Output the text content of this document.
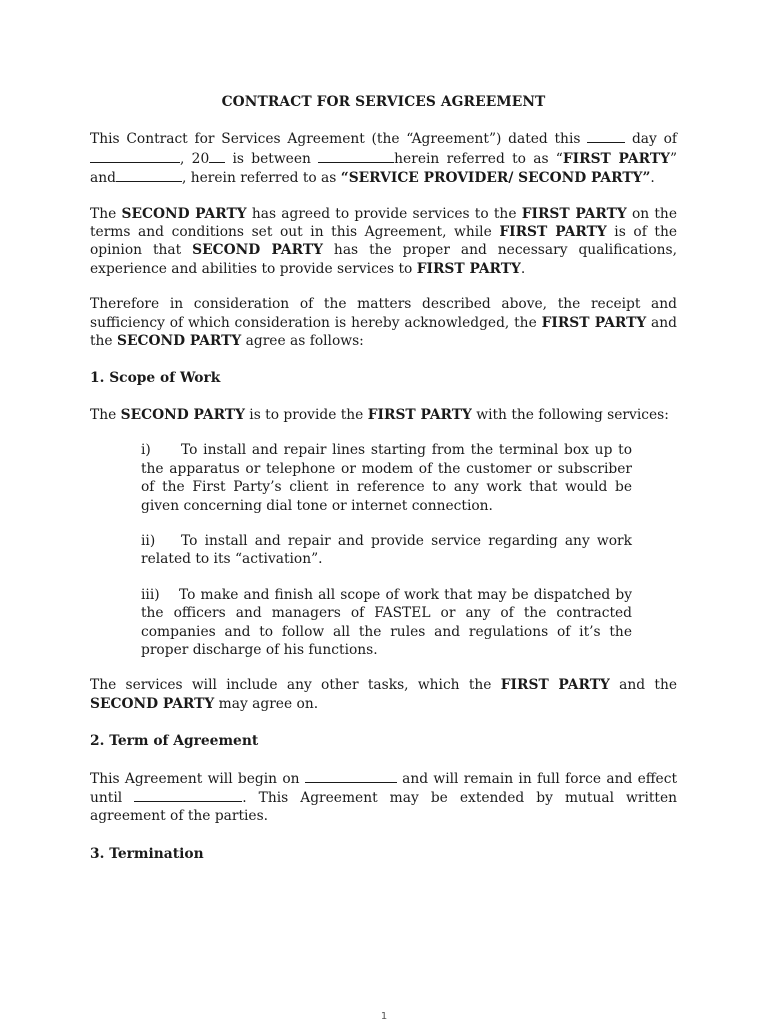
CONTRACT FOR SERVICES AGREEMENT

This Contract for Services Agreement (the “Agreement”) dated this	day of , 20 is between	herein referred to as “FIRST PARTY” and	, herein referred to as “SERVICE PROVIDER/ SECOND PARTY”.

The SECOND PARTY has agreed to provide services to the FIRST PARTY on the terms and conditions set out in this Agreement, while FIRST PARTY is of the opinion that SECOND PARTY has the proper and necessary qualifications, experience and abilities to provide services to FIRST PARTY.

Therefore in consideration of the matters described above, the receipt and sufficiency of which consideration is hereby acknowledged, the FIRST PARTY and the SECOND PARTY agree as follows:

1. Scope of Work

The SECOND PARTY is to provide the FIRST PARTY with the following services:

i) To install and repair lines starting from the terminal box up to the apparatus or telephone or modem of the customer or subscriber of the First Party’s client in reference to any work that would be given concerning dial tone or internet connection.
ii) To install and repair and provide service regarding any work related to its “activation”.
iii) To make and finish all scope of work that may be dispatched by the officers and managers of FASTEL or any of the contracted companies and to follow all the rules and regulations of it’s the proper discharge of his functions.

The services will include any other tasks, which the FIRST PARTY and the SECOND PARTY may agree on.

2. Term of Agreement

This Agreement will begin on	and will remain in full force and effect until	. This Agreement may be extended by mutual written agreement of the parties.

3. Termination
1
